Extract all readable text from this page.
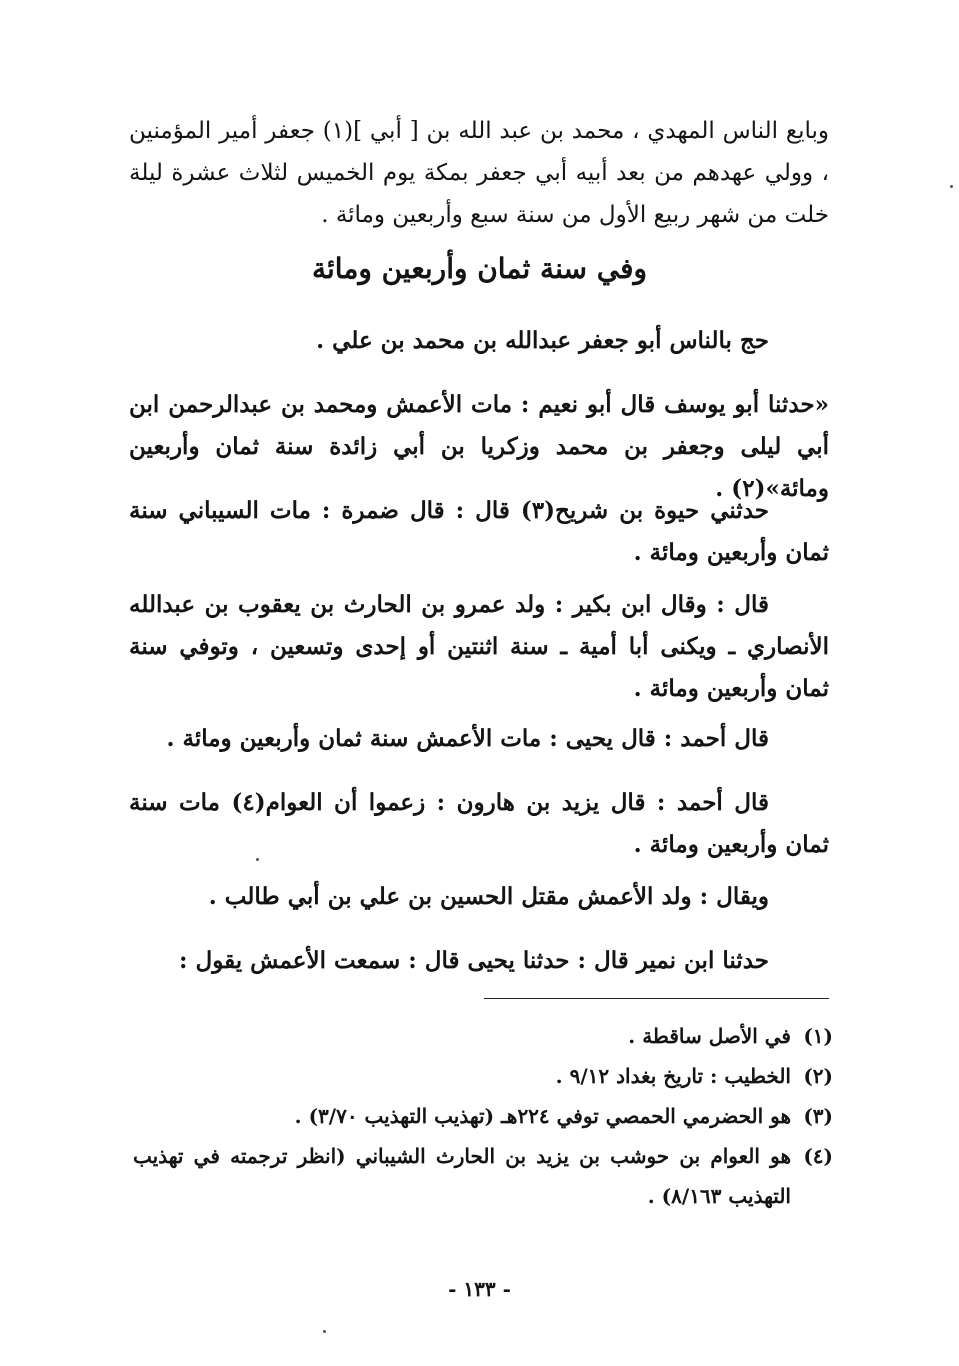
وبايع الناس المهدي ، محمد بن عبد الله بن [ أبي ](١) جعفر أمير المؤمنين ، وولي عهدهم من بعد أبيه أبي جعفر بمكة يوم الخميس لثلاث عشرة ليلة خلت من شهر ربيع الأول من سنة سبع وأربعين ومائة .
وفي سنة ثمان وأربعين ومائة
حج بالناس أبو جعفر عبدالله بن محمد بن علي .
«حدثنا أبو يوسف قال أبو نعيم : مات الأعمش ومحمد بن عبدالرحمن ابن أبي ليلى وجعفر بن محمد وزكريا بن أبي زائدة سنة ثمان وأربعين ومائة»(٢) .
حدثني حيوة بن شريح(٣) قال : قال ضمرة : مات السيباني سنة ثمان وأربعين ومائة .
قال : وقال ابن بكير : ولد عمرو بن الحارث بن يعقوب بن عبدالله الأنصاري ـ ويكنى أبا أمية ـ سنة اثنتين أو إحدى وتسعين ، وتوفي سنة ثمان وأربعين ومائة .
قال أحمد : قال يحيى : مات الأعمش سنة ثمان وأربعين ومائة .
قال أحمد : قال يزيد بن هارون : زعموا أن العوام(٤) مات سنة ثمان وأربعين ومائة .
ويقال : ولد الأعمش مقتل الحسين بن علي بن أبي طالب .
حدثنا ابن نمير قال : حدثنا يحيى قال : سمعت الأعمش يقول :
(١)
في الأصل ساقطة .
(٢)
الخطيب : تاريخ بغداد ٩/١٢ .
(٣)
هو الحضرمي الحمصي توفي ٢٢٤هـ (تهذيب التهذيب ٣/٧٠) .
(٤)
هو العوام بن حوشب بن يزيد بن الحارث الشيباني (انظر ترجمته في تهذيب التهذيب ٨/١٦٣) .
- ١٣٣ -
